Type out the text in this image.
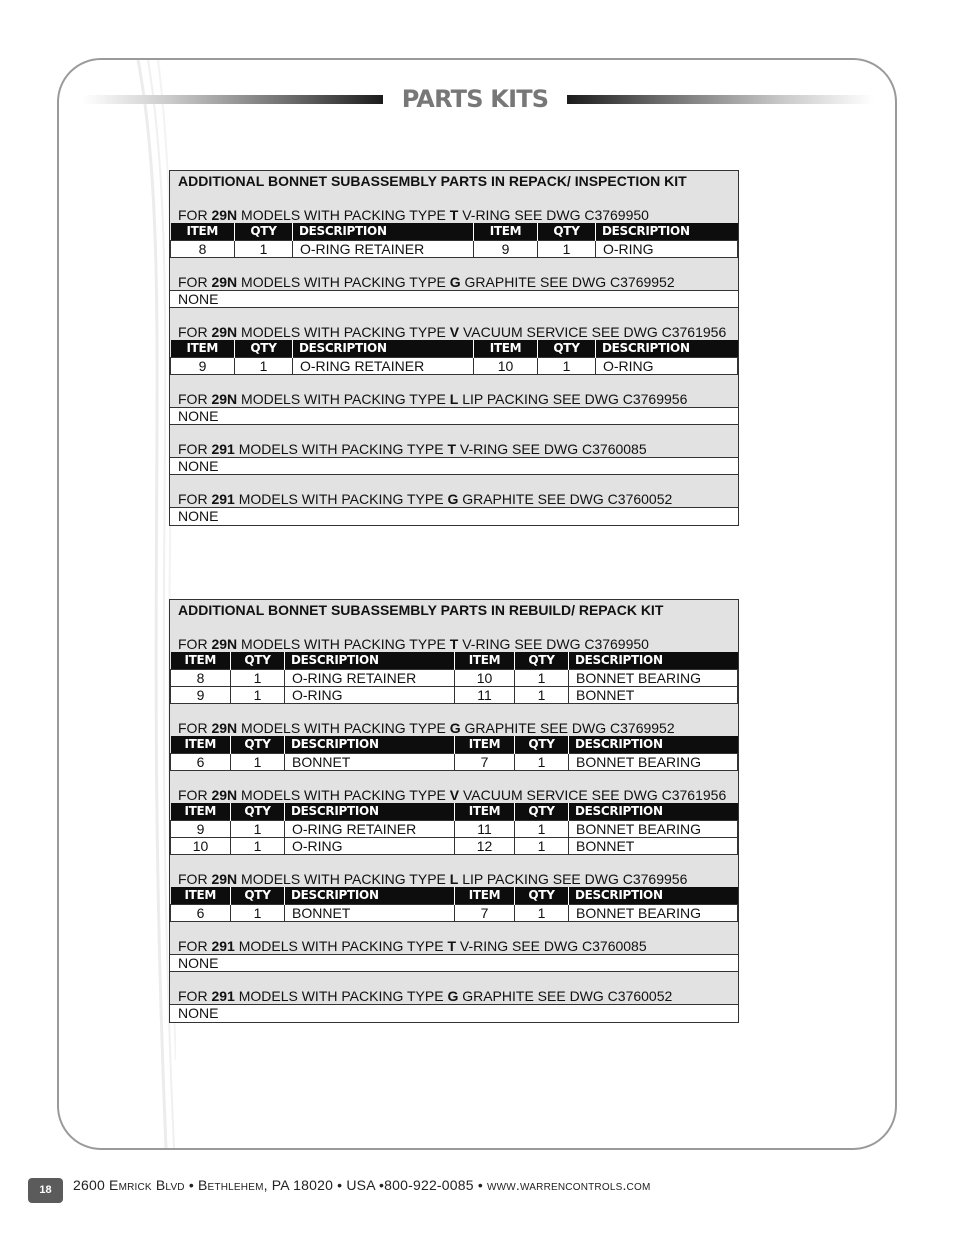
PARTS KITS
ADDITIONAL BONNET SUBASSEMBLY PARTS IN REPACK/ INSPECTION KIT
FOR 29N MODELS WITH PACKING TYPE T V-RING SEE DWG C3769950
ITEM	QTY	DESCRIPTION	ITEM	QTY	DESCRIPTION
8	1	O-RING RETAINER	9	1	O-RING
FOR 29N MODELS WITH PACKING TYPE G GRAPHITE SEE DWG C3769952
NONE
FOR 29N MODELS WITH PACKING TYPE V VACUUM SERVICE SEE DWG C3761956
ITEM	QTY	DESCRIPTION	ITEM	QTY	DESCRIPTION
9	1	O-RING RETAINER	10	1	O-RING
FOR 29N MODELS WITH PACKING TYPE L LIP PACKING SEE DWG C3769956
NONE
FOR 291 MODELS WITH PACKING TYPE T V-RING SEE DWG C3760085
NONE
FOR 291 MODELS WITH PACKING TYPE G GRAPHITE SEE DWG C3760052
NONE
ADDITIONAL BONNET SUBASSEMBLY PARTS IN REBUILD/ REPACK KIT
FOR 29N MODELS WITH PACKING TYPE T V-RING SEE DWG C3769950
ITEM	QTY	DESCRIPTION	ITEM	QTY	DESCRIPTION
8	1	O-RING RETAINER	10	1	BONNET BEARING
9	1	O-RING	11	1	BONNET
FOR 29N MODELS WITH PACKING TYPE G GRAPHITE SEE DWG C3769952
ITEM	QTY	DESCRIPTION	ITEM	QTY	DESCRIPTION
6	1	BONNET	7	1	BONNET BEARING
FOR 29N MODELS WITH PACKING TYPE V VACUUM SERVICE SEE DWG C3761956
ITEM	QTY	DESCRIPTION	ITEM	QTY	DESCRIPTION
9	1	O-RING RETAINER	11	1	BONNET BEARING
10	1	O-RING	12	1	BONNET
FOR 29N MODELS WITH PACKING TYPE L LIP PACKING SEE DWG C3769956
ITEM	QTY	DESCRIPTION	ITEM	QTY	DESCRIPTION
6	1	BONNET	7	1	BONNET BEARING
FOR 291 MODELS WITH PACKING TYPE T V-RING SEE DWG C3760085
NONE
FOR 291 MODELS WITH PACKING TYPE G GRAPHITE SEE DWG C3760052
NONE
18	2600 Emrick Blvd • Bethlehem, PA 18020 • USA •800-922-0085 • www.warrencontrols.com
